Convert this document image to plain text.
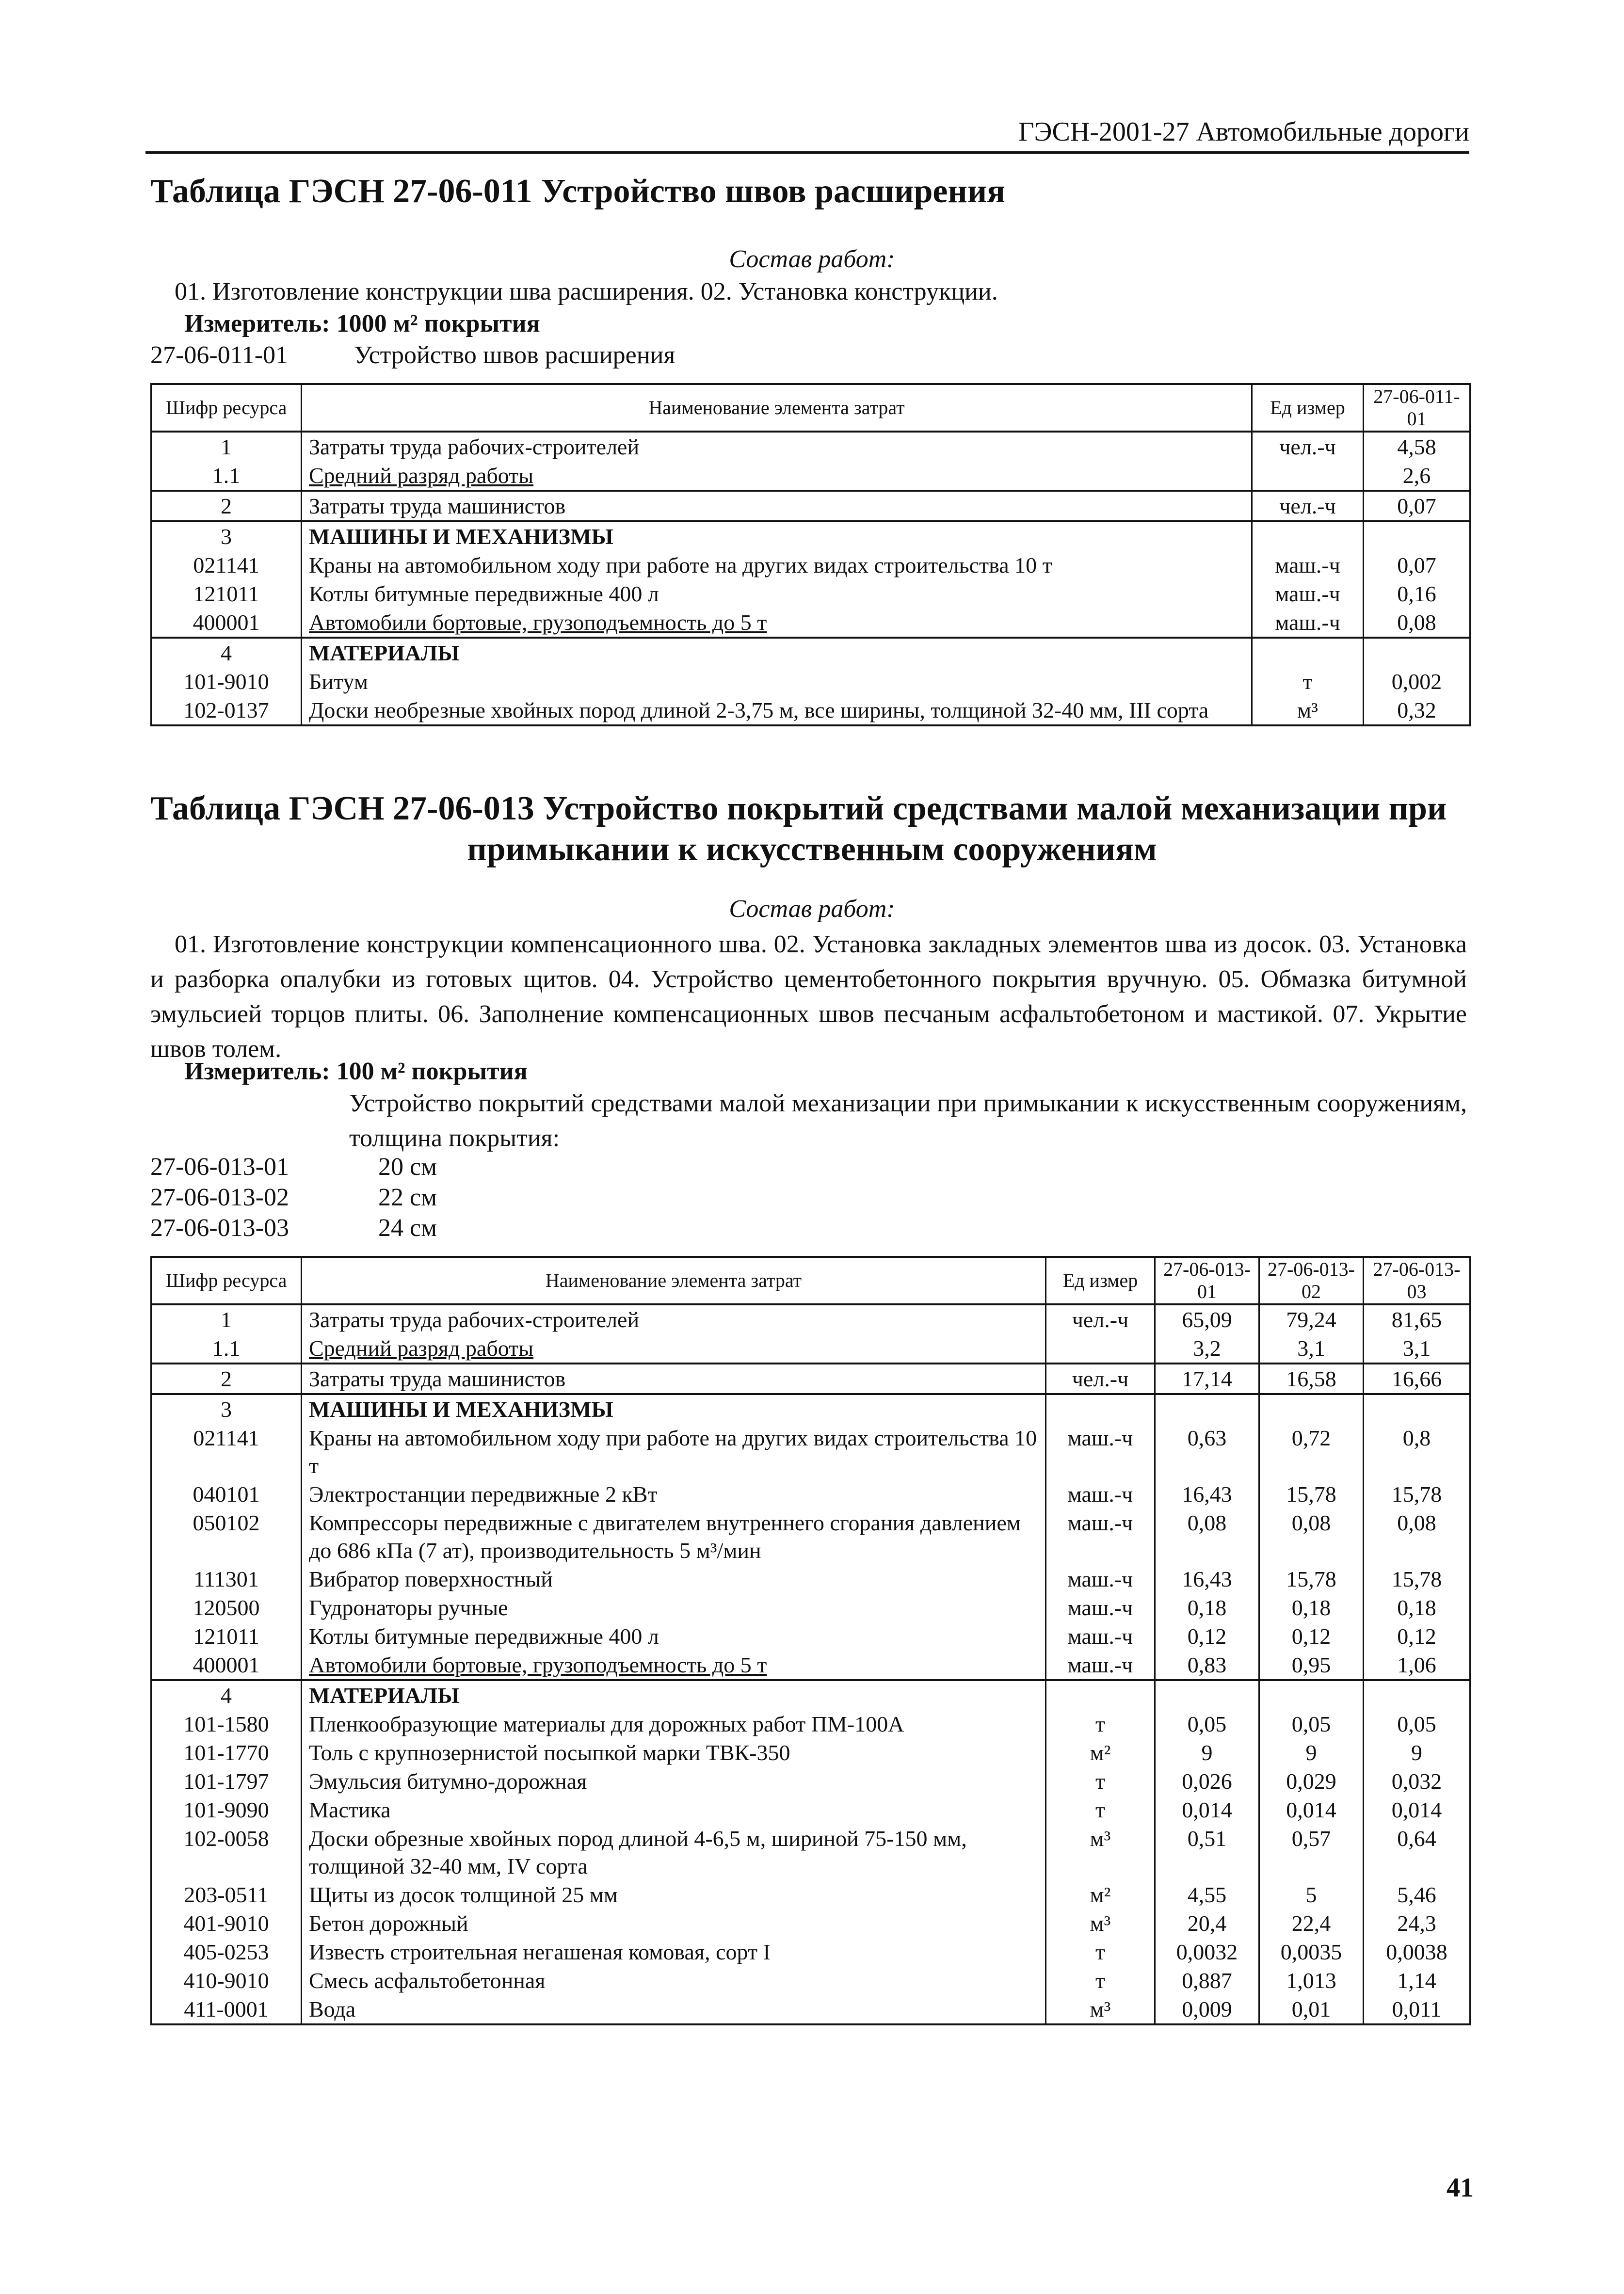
ГЭСН-2001-27 Автомобильные дороги
Таблица ГЭСН 27-06-011 Устройство швов расширения
Состав работ:
01. Изготовление конструкции шва расширения. 02. Установка конструкции.
Измеритель: 1000 м² покрытия
27-06-011-01	Устройство швов расширения
Шифр ресурса	Наименование элемента затрат	Ед измер	27-06-011-01
1	Затраты труда рабочих-строителей	чел.-ч	4,58
1.1	Средний разряд работы		2,6
2	Затраты труда машинистов	чел.-ч	0,07
3	МАШИНЫ И МЕХАНИЗМЫ		
021141	Краны на автомобильном ходу при работе на других видах строительства 10 т	маш.-ч	0,07
121011	Котлы битумные передвижные 400 л	маш.-ч	0,16
400001	Автомобили бортовые, грузоподъемность до 5 т	маш.-ч	0,08
4	МАТЕРИАЛЫ		
101-9010	Битум	т	0,002
102-0137	Доски необрезные хвойных пород длиной 2-3,75 м, все ширины, толщиной 32-40 мм, III сорта	м³	0,32
Таблица ГЭСН 27-06-013 Устройство покрытий средствами малой механизации при
примыкании к искусственным сооружениям
Состав работ:
01. Изготовление конструкции компенсационного шва. 02. Установка закладных элементов шва из досок. 03. Установка и разборка опалубки из готовых щитов. 04. Устройство цементобетонного покрытия вручную. 05. Обмазка битумной эмульсией торцов плиты. 06. Заполнение компенсационных швов песчаным асфальтобетоном и мастикой. 07. Укрытие швов толем.
Измеритель: 100 м² покрытия
Устройство покрытий средствами малой механизации при примыкании к искусственным сооружениям, толщина покрытия:
27-06-013-01	20 см
27-06-013-02	22 см
27-06-013-03	24 см
Шифр ресурса	Наименование элемента затрат	Ед измер	27-06-013-01	27-06-013-02	27-06-013-03
1	Затраты труда рабочих-строителей	чел.-ч	65,09	79,24	81,65
1.1	Средний разряд работы		3,2	3,1	3,1
2	Затраты труда машинистов	чел.-ч	17,14	16,58	16,66
3	МАШИНЫ И МЕХАНИЗМЫ				
021141	Краны на автомобильном ходу при работе на других видах строительства 10 т	маш.-ч	0,63	0,72	0,8
040101	Электростанции передвижные 2 кВт	маш.-ч	16,43	15,78	15,78
050102	Компрессоры передвижные с двигателем внутреннего сгорания давлением до 686 кПа (7 ат), производительность 5 м³/мин	маш.-ч	0,08	0,08	0,08
111301	Вибратор поверхностный	маш.-ч	16,43	15,78	15,78
120500	Гудронаторы ручные	маш.-ч	0,18	0,18	0,18
121011	Котлы битумные передвижные 400 л	маш.-ч	0,12	0,12	0,12
400001	Автомобили бортовые, грузоподъемность до 5 т	маш.-ч	0,83	0,95	1,06
4	МАТЕРИАЛЫ				
101-1580	Пленкообразующие материалы для дорожных работ ПМ-100А	т	0,05	0,05	0,05
101-1770	Толь с крупнозернистой посыпкой марки ТВК-350	м²	9	9	9
101-1797	Эмульсия битумно-дорожная	т	0,026	0,029	0,032
101-9090	Мастика	т	0,014	0,014	0,014
102-0058	Доски обрезные хвойных пород длиной 4-6,5 м, шириной 75-150 мм, толщиной 32-40 мм, IV сорта	м³	0,51	0,57	0,64
203-0511	Щиты из досок толщиной 25 мм	м²	4,55	5	5,46
401-9010	Бетон дорожный	м³	20,4	22,4	24,3
405-0253	Известь строительная негашеная комовая, сорт I	т	0,0032	0,0035	0,0038
410-9010	Смесь асфальтобетонная	т	0,887	1,013	1,14
411-0001	Вода	м³	0,009	0,01	0,011
41
